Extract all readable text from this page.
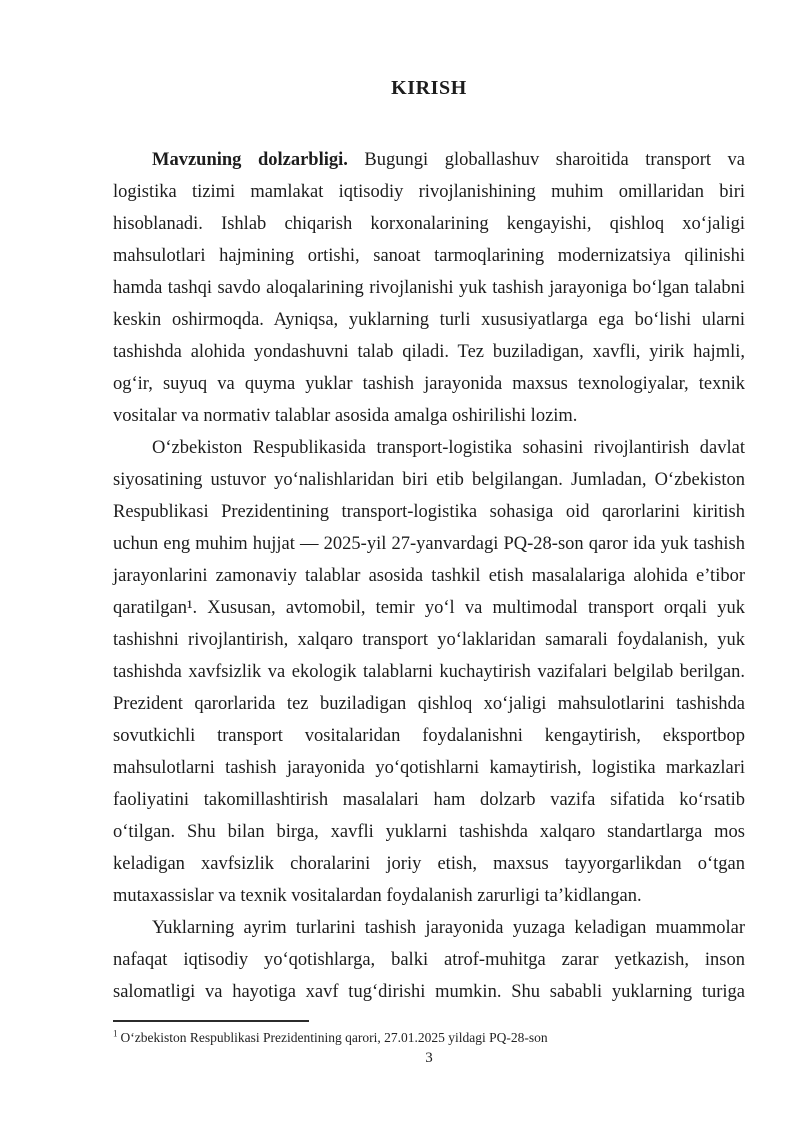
KIRISH
Mavzuning dolzarbligi. Bugungi globallashuv sharoitida transport va
logistika tizimi mamlakat iqtisodiy rivojlanishining muhim omillaridan biri
hisoblanadi. Ishlab chiqarish korxonalarining kengayishi, qishloq xoʻjaligi
mahsulotlari hajmining ortishi, sanoat tarmoqlarining modernizatsiya qilinishi
hamda tashqi savdo aloqalarining rivojlanishi yuk tashish jarayoniga boʻlgan talabni
keskin oshirmoqda. Ayniqsa, yuklarning turli xususiyatlarga ega boʻlishi ularni
tashishda alohida yondashuvni talab qiladi. Tez buziladigan, xavfli, yirik hajmli,
ogʻir, suyuq va quyma yuklar tashish jarayonida maxsus texnologiyalar, texnik
vositalar va normativ talablar asosida amalga oshirilishi lozim.
Oʻzbekiston Respublikasida transport-logistika sohasini rivojlantirish davlat
siyosatining ustuvor yoʻnalishlaridan biri etib belgilangan. Jumladan, Oʻzbekiston
Respublikasi Prezidentining transport-logistika sohasiga oid qarorlarini kiritish
uchun eng muhim hujjat — 2025-yil 27-yanvardagi PQ-28-son qaror ida yuk tashish
jarayonlarini zamonaviy talablar asosida tashkil etish masalalariga alohida e’tibor
qaratilgan¹. Xususan, avtomobil, temir yoʻl va multimodal transport orqali yuk
tashishni rivojlantirish, xalqaro transport yoʻlaklaridan samarali foydalanish, yuk
tashishda xavfsizlik va ekologik talablarni kuchaytirish vazifalari belgilab berilgan.
Prezident qarorlarida tez buziladigan qishloq xoʻjaligi mahsulotlarini tashishda
sovutkichli transport vositalaridan foydalanishni kengaytirish, eksportbop
mahsulotlarni tashish jarayonida yoʻqotishlarni kamaytirish, logistika markazlari
faoliyatini takomillashtirish masalalari ham dolzarb vazifa sifatida koʻrsatib
oʻtilgan. Shu bilan birga, xavfli yuklarni tashishda xalqaro standartlarga mos
keladigan xavfsizlik choralarini joriy etish, maxsus tayyorgarlikdan oʻtgan
mutaxassislar va texnik vositalardan foydalanish zarurligi ta’kidlangan.
Yuklarning ayrim turlarini tashish jarayonida yuzaga keladigan muammolar
nafaqat iqtisodiy yoʻqotishlarga, balki atrof-muhitga zarar yetkazish, inson
salomatligi va hayotiga xavf tugʻdirishi mumkin. Shu sababli yuklarning turiga
$^1$ Oʻzbekiston Respublikasi Prezidentining qarori, 27.01.2025 yildagi PQ-28-son
3
